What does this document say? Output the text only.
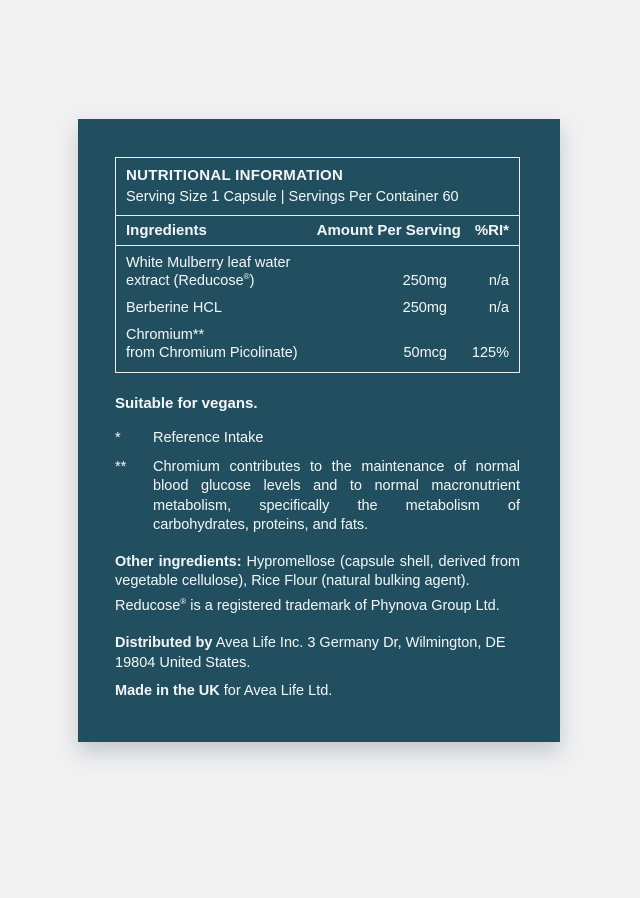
NUTRITIONAL INFORMATION
Serving Size 1 Capsule | Servings Per Container 60
Ingredients	Amount Per Serving %RI*
White Mulberry leaf water
extract (Reducose®)	250mg	n/a
Berberine HCL	250mg	n/a
Chromium**
from Chromium Picolinate)	50mcg	125%
Suitable for vegans.
*	Reference Intake
**	Chromium contributes to the maintenance of normal blood glucose levels and to normal macronutrient metabolism, specifically the metabolism of carbohydrates, proteins, and fats.

Other ingredients: Hypromellose (capsule shell, derived from vegetable cellulose), Rice Flour (natural bulking agent).

Reducose® is a registered trademark of Phynova Group Ltd.

Distributed by Avea Life Inc. 3 Germany Dr, Wilmington, DE 19804 United States.

Made in the UK for Avea Life Ltd.
